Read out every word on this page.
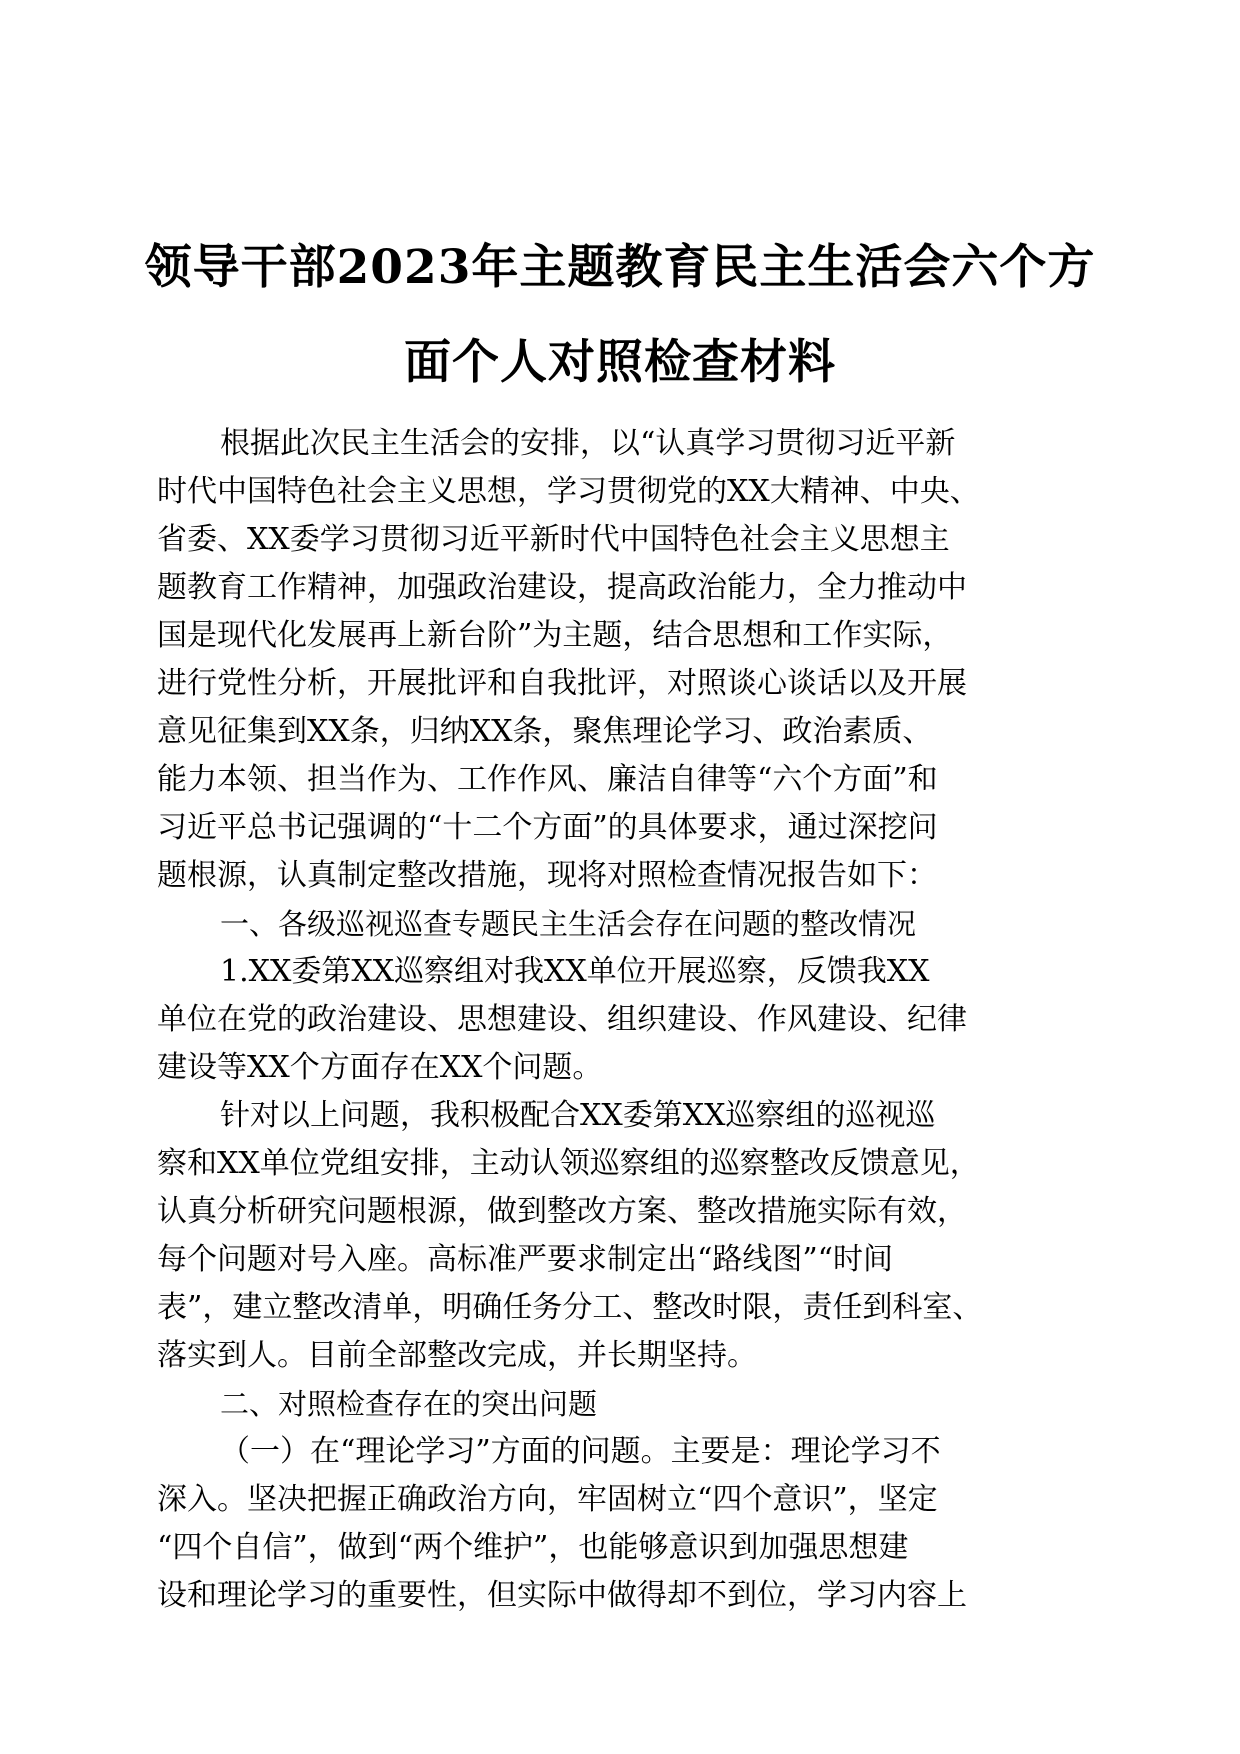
领导干部2023年主题教育民主生活会六个方
面个人对照检查材料

根据此次民主生活会的安排，以“认真学习贯彻习近平新

时代中国特色社会主义思想，学习贯彻党的XX大精神、中央、

省委、XX委学习贯彻习近平新时代中国特色社会主义思想主

题教育工作精神，加强政治建设，提高政治能力，全力推动中

国是现代化发展再上新台阶”为主题，结合思想和工作实际，

进行党性分析，开展批评和自我批评，对照谈心谈话以及开展

意见征集到XX条，归纳XX条，聚焦理论学习、政治素质、

能力本领、担当作为、工作作风、廉洁自律等“六个方面”和

习近平总书记强调的“十二个方面”的具体要求，通过深挖问

题根源，认真制定整改措施，现将对照检查情况报告如下：

一、各级巡视巡查专题民主生活会存在问题的整改情况

1.XX委第XX巡察组对我XX单位开展巡察，反馈我XX

单位在党的政治建设、思想建设、组织建设、作风建设、纪律

建设等XX个方面存在XX个问题。

针对以上问题，我积极配合XX委第XX巡察组的巡视巡

察和XX单位党组安排，主动认领巡察组的巡察整改反馈意见，

认真分析研究问题根源，做到整改方案、整改措施实际有效，

每个问题对号入座。高标准严要求制定出“路线图”“时间

表”，建立整改清单，明确任务分工、整改时限，责任到科室、

落实到人。目前全部整改完成，并长期坚持。

二、对照检查存在的突出问题

（一）在“理论学习”方面的问题。主要是：理论学习不

深入。坚决把握正确政治方向，牢固树立“四个意识”，坚定

“四个自信”，做到“两个维护”，也能够意识到加强思想建

设和理论学习的重要性，但实际中做得却不到位，学习内容上
